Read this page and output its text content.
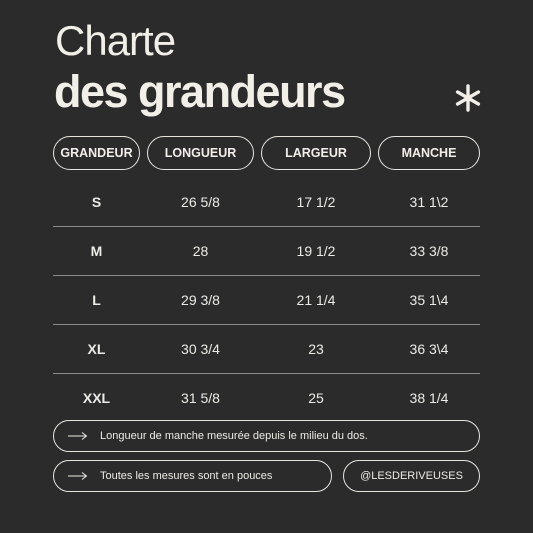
Charte
des grandeurs
GRANDEUR	LONGUEUR	LARGEUR	MANCHE
S	26 5/8	17 1/2	31 1\2
M	28	19 1/2	33 3/8
L	29 3/8	21 1/4	35 1\4
XL	30 3/4	23	36 3\4
XXL	31 5/8	25	38 1/4
Longueur de manche mesurée depuis le milieu du dos.
Toutes les mesures sont en pouces	@LESDERIVEUSES
